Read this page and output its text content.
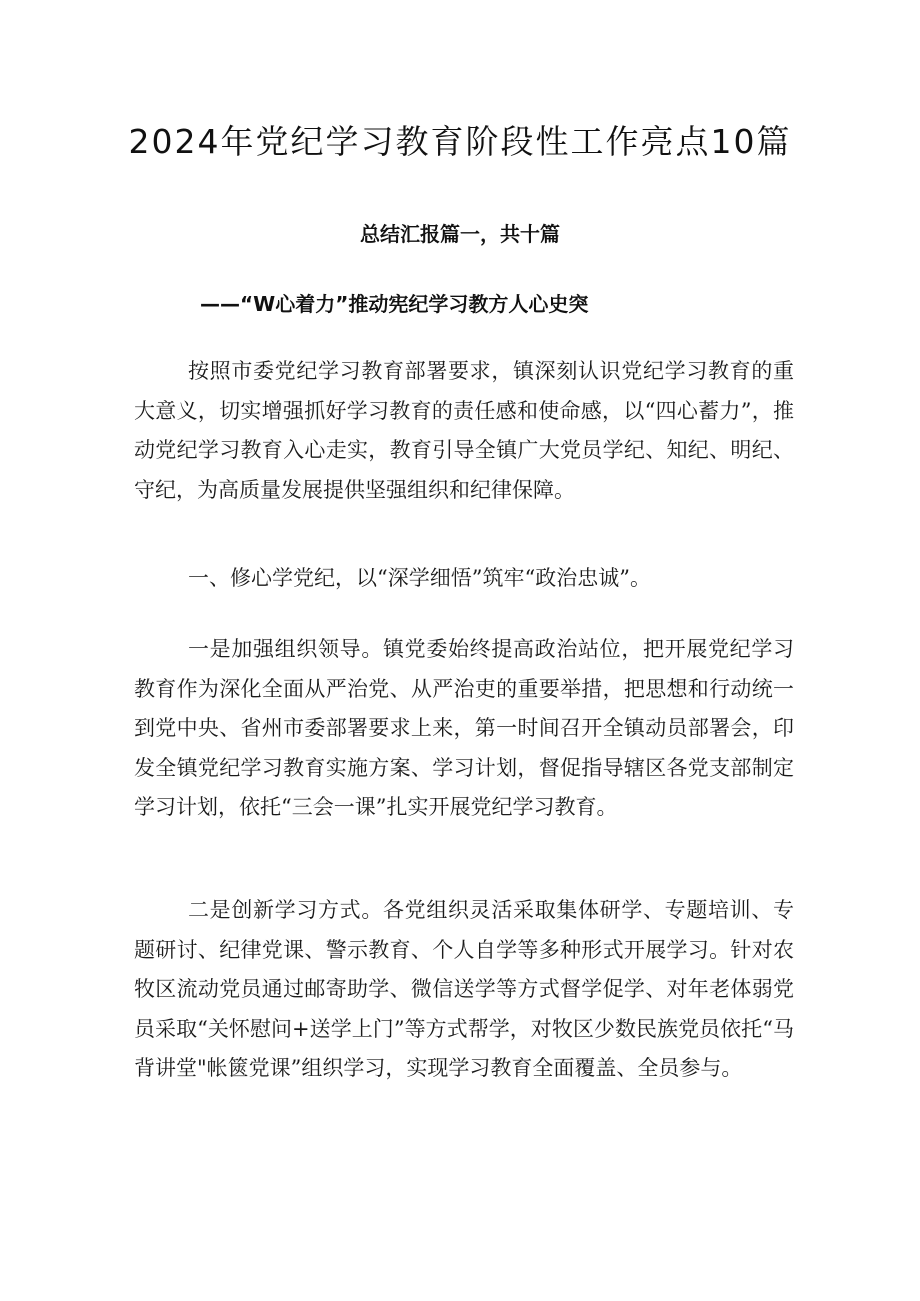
2024年党纪学习教育阶段性工作亮点10篇
总结汇报篇一，共十篇
——“W心着力”推动宪纪学习教方人心史突

按照市委党纪学习教育部署要求，镇深刻认识党纪学习教育的重大意义，切实增强抓好学习教育的责任感和使命感，以“四心蓄力”，推动党纪学习教育入心走实，教育引导全镇广大党员学纪、知纪、明纪、守纪，为高质量发展提供坚强组织和纪律保障。

一、修心学党纪，以“深学细悟”筑牢“政治忠诚”。

一是加强组织领导。镇党委始终提高政治站位，把开展党纪学习教育作为深化全面从严治党、从严治吏的重要举措，把思想和行动统一到党中央、省州市委部署要求上来，第一时间召开全镇动员部署会，印发全镇党纪学习教育实施方案、学习计划，督促指导辖区各党支部制定学习计划，依托“三会一课”扎实开展党纪学习教育。

二是创新学习方式。各党组织灵活采取集体研学、专题培训、专题研讨、纪律党课、警示教育、个人自学等多种形式开展学习。针对农牧区流动党员通过邮寄助学、微信送学等方式督学促学、对年老体弱党员采取“关怀慰问+送学上门”等方式帮学，对牧区少数民族党员依托“马背讲堂"帐篋党课”组织学习，实现学习教育全面覆盖、全员参与。
